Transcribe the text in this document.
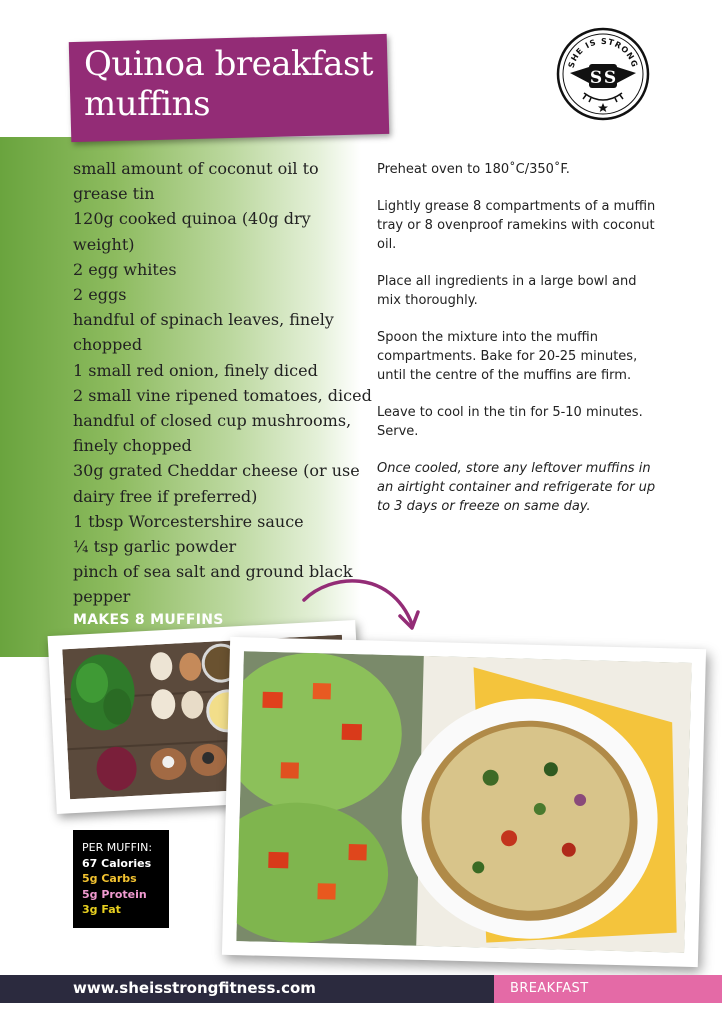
Quinoa breakfast
muffins
SHE IS STRONG
S S
small amount of coconut oil to grease tin
120g cooked quinoa (40g dry weight)
2 egg whites
2 eggs
handful of spinach leaves, finely chopped
1 small red onion, finely diced
2 small vine ripened tomatoes, diced
handful of closed cup mushrooms, finely chopped
30g grated Cheddar cheese (or use dairy free if preferred)
1 tbsp Worcestershire sauce
¼ tsp garlic powder
pinch of sea salt and ground black pepper

Preheat oven to 180˚C/350˚F.

Lightly grease 8 compartments of a muffin tray or 8 ovenproof ramekins with coconut oil.

Place all ingredients in a large bowl and mix thoroughly.

Spoon the mixture into the muffin compartments. Bake for 20-25 minutes, until the centre of the muffins are firm.

Leave to cool in the tin for 5-10 minutes. Serve.

Once cooled, store any leftover muffins in an airtight container and refrigerate for up to 3 days or freeze on same day.

MAKES 8 MUFFINS
PER MUFFIN:
67 Calories
5g Carbs
5g Protein
3g Fat
www.sheisstrongfitness.com	BREAKFAST
